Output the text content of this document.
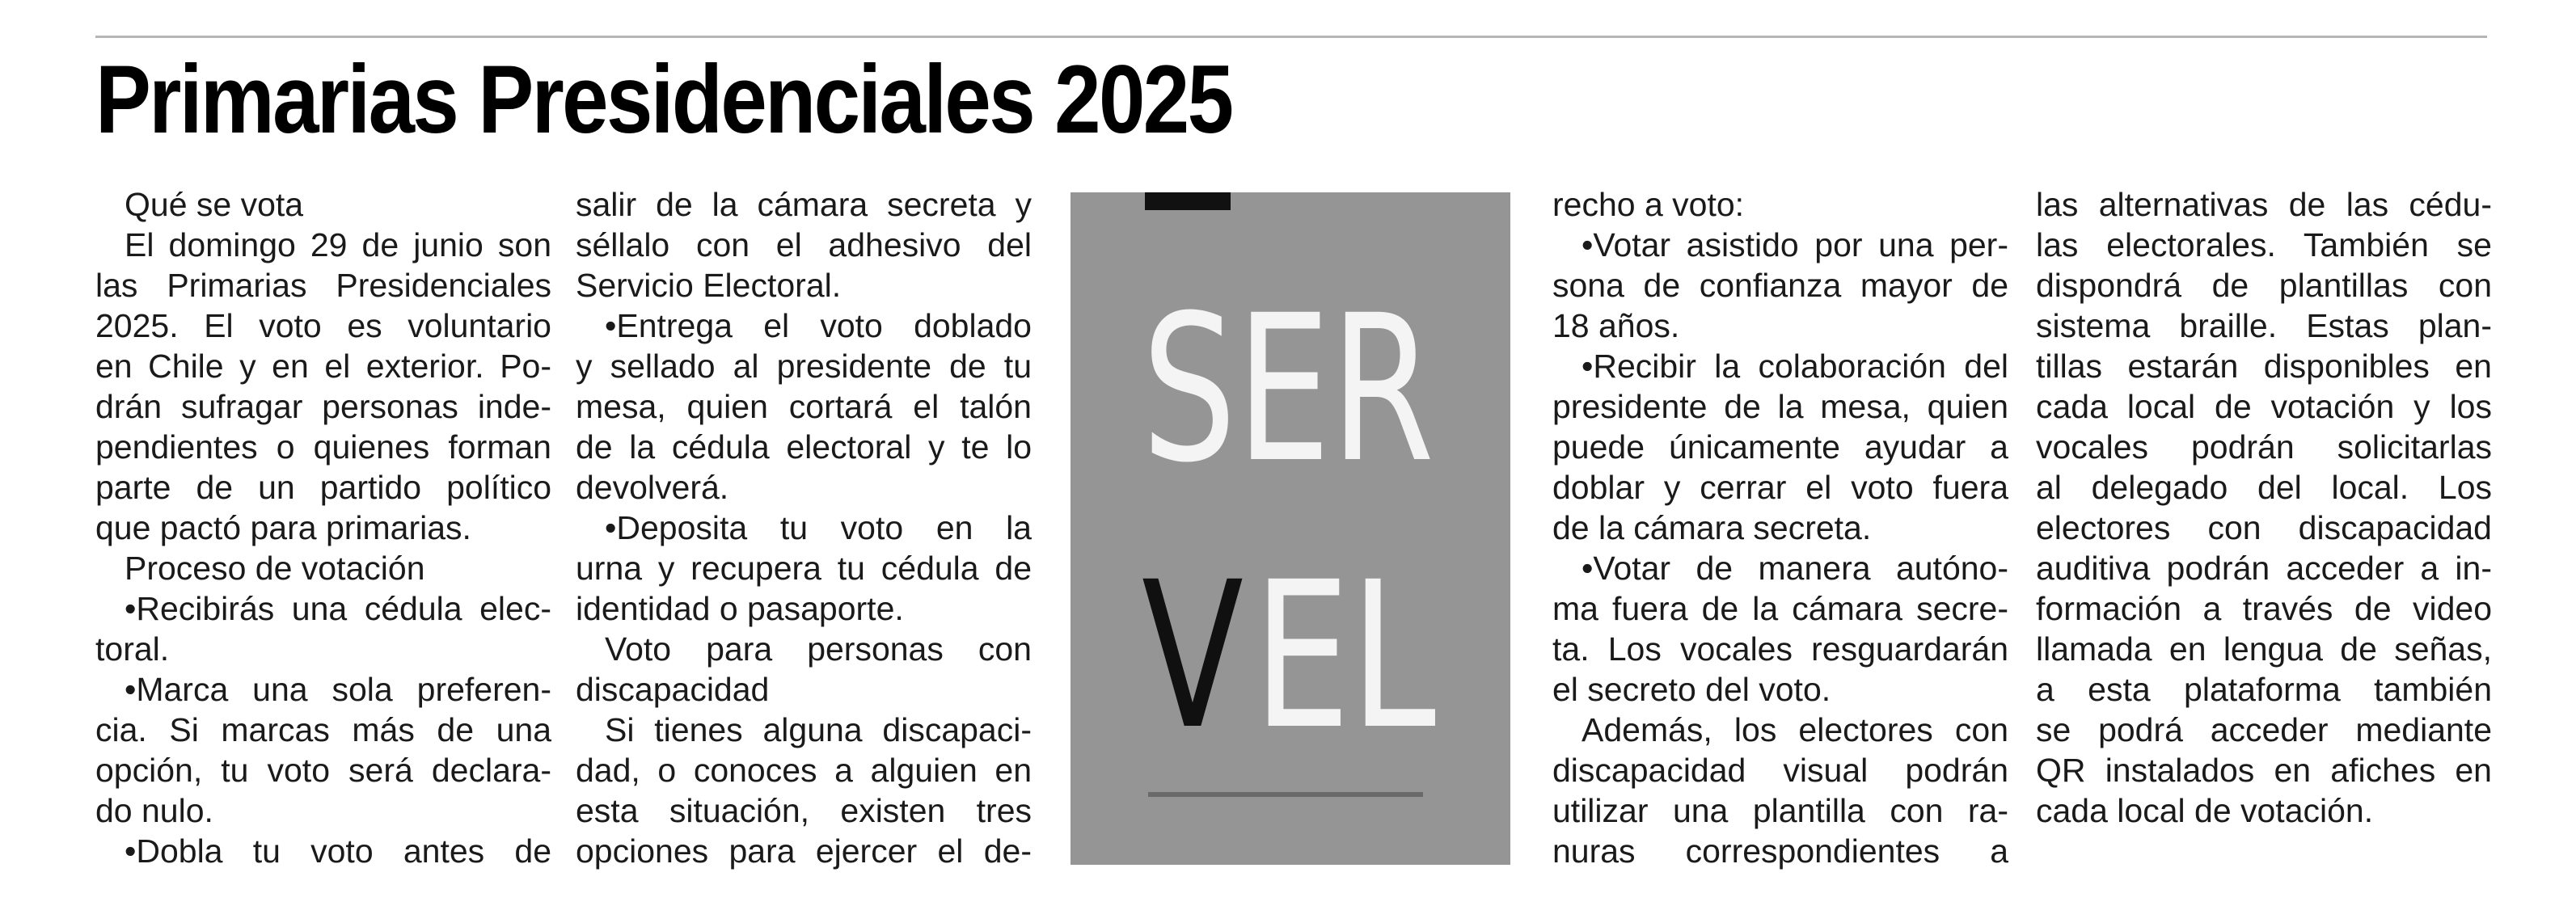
Primarias Presidenciales 2025
Qué se vota
El domingo 29 de junio son
las Primarias Presidenciales
2025. El voto es voluntario
en Chile y en el exterior. Po-
drán sufragar personas inde-
pendientes o quienes forman
parte de un partido político
que pactó para primarias.
Proceso de votación
•Recibirás una cédula elec-
toral.
•Marca una sola preferen-
cia. Si marcas más de una
opción, tu voto será declara-
do nulo.
•Dobla tu voto antes de
salir de la cámara secreta y
séllalo con el adhesivo del
Servicio Electoral.
•Entrega el voto doblado
y sellado al presidente de tu
mesa, quien cortará el talón
de la cédula electoral y te lo
devolverá.
•Deposita tu voto en la
urna y recupera tu cédula de
identidad o pasaporte.
Voto para personas con
discapacidad
Si tienes alguna discapaci-
dad, o conoces a alguien en
esta situación, existen tres
opciones para ejercer el de-
SER
V EL
recho a voto:
•Votar asistido por una per-
sona de confianza mayor de
18 años.
•Recibir la colaboración del
presidente de la mesa, quien
puede únicamente ayudar a
doblar y cerrar el voto fuera
de la cámara secreta.
•Votar de manera autóno-
ma fuera de la cámara secre-
ta. Los vocales resguardarán
el secreto del voto.
Además, los electores con
discapacidad visual podrán
utilizar una plantilla con ra-
nuras correspondientes a
las alternativas de las cédu-
las electorales. También se
dispondrá de plantillas con
sistema braille. Estas plan-
tillas estarán disponibles en
cada local de votación y los
vocales podrán solicitarlas
al delegado del local. Los
electores con discapacidad
auditiva podrán acceder a in-
formación a través de video
llamada en lengua de señas,
a esta plataforma también
se podrá acceder mediante
QR instalados en afiches en
cada local de votación.
